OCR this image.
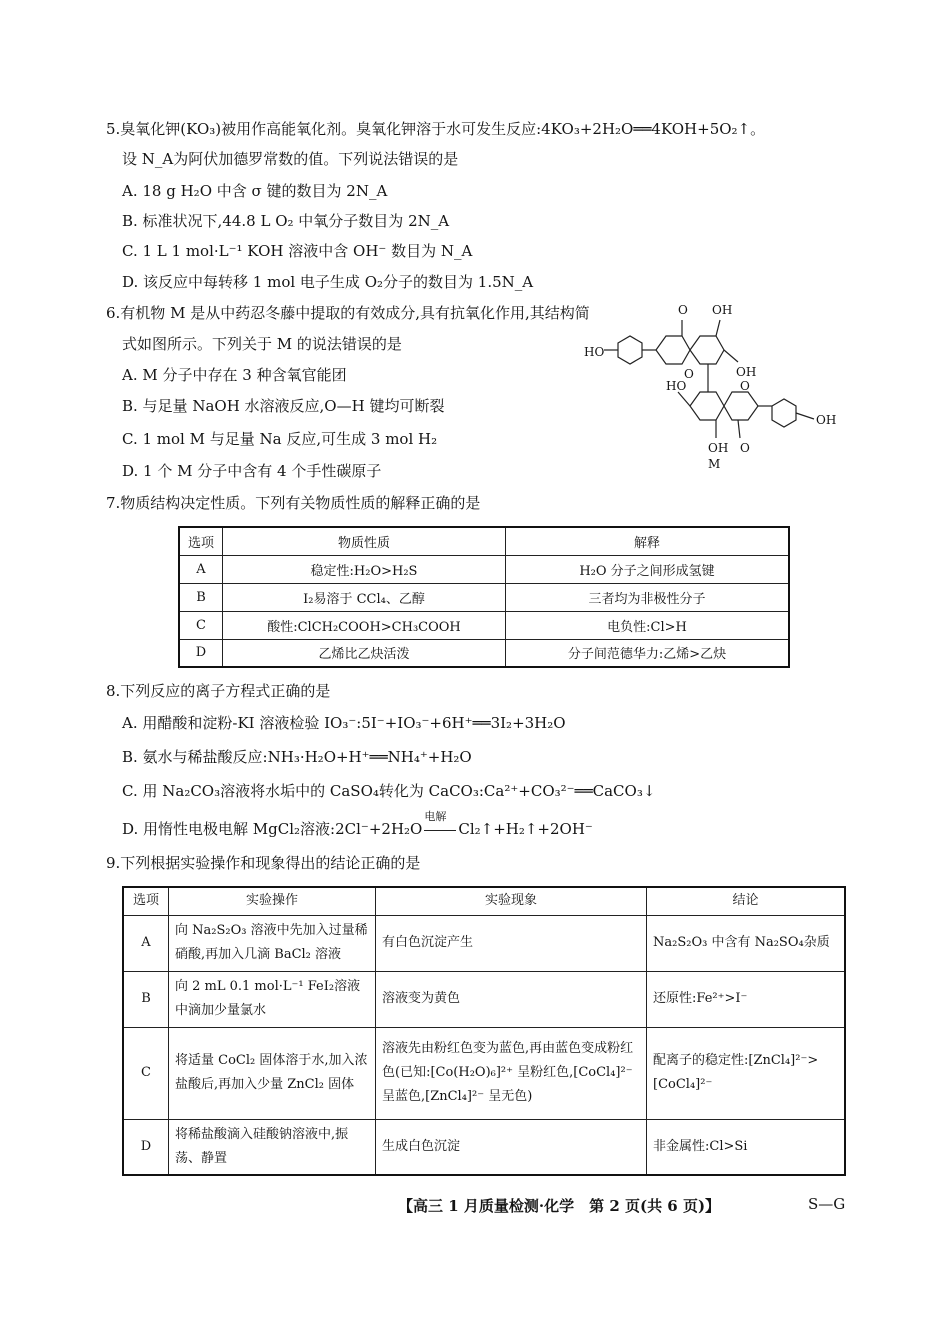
5.臭氧化钾(KO₃)被用作高能氧化剂。臭氧化钾溶于水可发生反应:4KO₃+2H₂O══4KOH+5O₂↑。
设 N_A为阿伏加德罗常数的值。下列说法错误的是
A. 18 g H₂O 中含 σ 键的数目为 2N_A
B. 标准状况下,44.8 L O₂ 中氧分子数目为 2N_A
C. 1 L 1 mol·L⁻¹ KOH 溶液中含 OH⁻ 数目为 N_A
D. 该反应中每转移 1 mol 电子生成 O₂分子的数目为 1.5N_A
6.有机物 M 是从中药忍冬藤中提取的有效成分,具有抗氧化作用,其结构简
式如图所示。下列关于 M 的说法错误的是
A. M 分子中存在 3 种含氧官能团
B. 与足量 NaOH 水溶液反应,O—H 键均可断裂
C. 1 mol M 与足量 Na 反应,可生成 3 mol H₂
D. 1 个 M 分子中含有 4 个手性碳原子
OH
O
HO
O	OH
HO	O
OH
OH O
M
7.物质结构决定性质。下列有关物质性质的解释正确的是
选项	物质性质	解释
A	稳定性:H₂O>H₂S	H₂O 分子之间形成氢键
B	I₂易溶于 CCl₄、乙醇	三者均为非极性分子
C	酸性:ClCH₂COOH>CH₃COOH	电负性:Cl>H
D	乙烯比乙炔活泼	分子间范德华力:乙烯>乙炔
8.下列反应的离子方程式正确的是
A. 用醋酸和淀粉-KI 溶液检验 IO₃⁻:5I⁻+IO₃⁻+6H⁺══3I₂+3H₂O
B. 氨水与稀盐酸反应:NH₃·H₂O+H⁺══NH₄⁺+H₂O
C. 用 Na₂CO₃溶液将水垢中的 CaSO₄转化为 CaCO₃:Ca²⁺+CO₃²⁻══CaCO₃↓
D. 用惰性电极电解 MgCl₂溶液:2Cl⁻+2H₂O
电解
Cl₂↑+H₂↑+2OH⁻
9.下列根据实验操作和现象得出的结论正确的是
选项	实验操作	实验现象	结论
A	向 Na₂S₂O₃ 溶液中先加入过量稀硝酸,再加入几滴 BaCl₂ 溶液	有白色沉淀产生	Na₂S₂O₃ 中含有 Na₂SO₄杂质
B	向 2 mL 0.1 mol·L⁻¹ FeI₂溶液中滴加少量氯水	溶液变为黄色	还原性:Fe²⁺>I⁻
C	将适量 CoCl₂ 固体溶于水,加入浓盐酸后,再加入少量 ZnCl₂ 固体	溶液先由粉红色变为蓝色,再由蓝色变成粉红色(已知:[Co(H₂O)₆]²⁺ 呈粉红色,[CoCl₄]²⁻ 呈蓝色,[ZnCl₄]²⁻ 呈无色)	配离子的稳定性:[ZnCl₄]²⁻>[CoCl₄]²⁻
D	将稀盐酸滴入硅酸钠溶液中,振荡、静置	生成白色沉淀	非金属性:Cl>Si
【高三 1 月质量检测·化学　第 2 页(共 6 页)】	S—G
